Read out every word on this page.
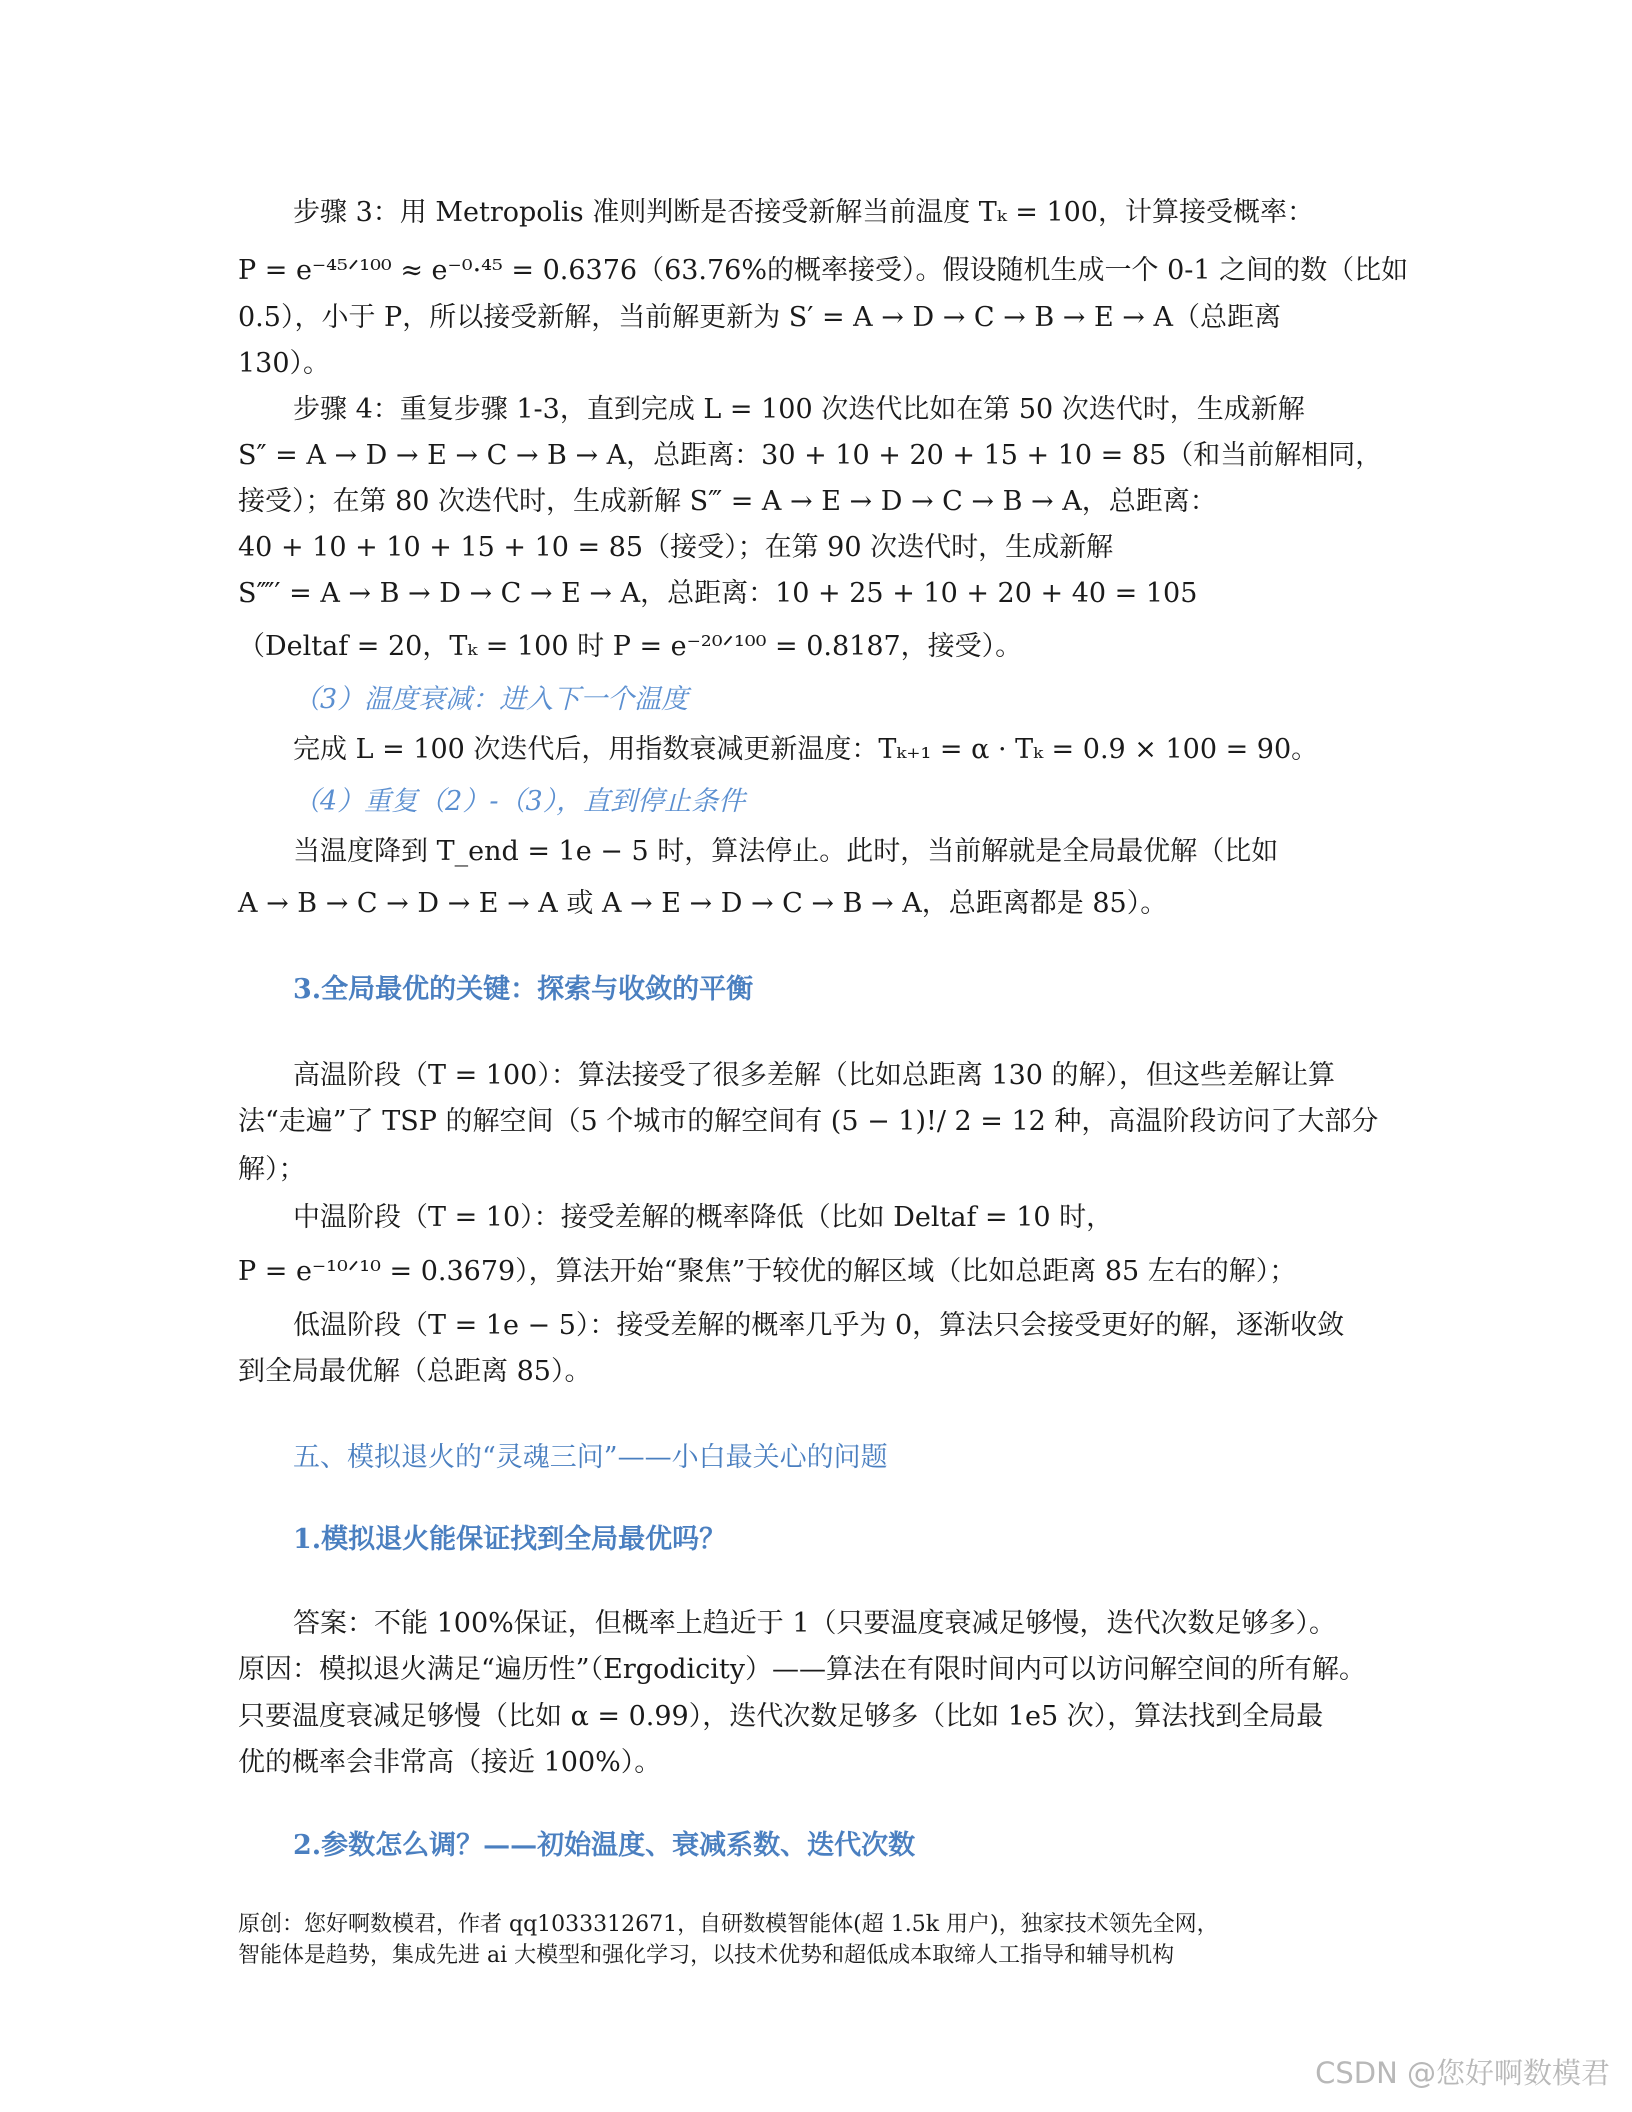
步骤 3：用 Metropolis 准则判断是否接受新解当前温度 Tₖ = 100，计算接受概率：
P = e⁻⁴⁵ᐟ¹⁰⁰ ≈ e⁻⁰·⁴⁵ = 0.6376（63.76%的概率接受）。假设随机生成一个 0-1 之间的数（比如
0.5），小于 P，所以接受新解，当前解更新为 S′ = A → D → C → B → E → A（总距离
130）。
步骤 4：重复步骤 1-3，直到完成 L = 100 次迭代比如在第 50 次迭代时，生成新解
S″ = A → D → E → C → B → A，总距离：30 + 10 + 20 + 15 + 10 = 85（和当前解相同，
接受）；在第 80 次迭代时，生成新解 S‴ = A → E → D → C → B → A，总距离：
40 + 10 + 10 + 15 + 10 = 85（接受）；在第 90 次迭代时，生成新解
S⁗′ = A → B → D → C → E → A，总距离：10 + 25 + 10 + 20 + 40 = 105
（Deltaf = 20，Tₖ = 100 时 P = e⁻²⁰ᐟ¹⁰⁰ = 0.8187，接受）。
（3）温度衰减：进入下一个温度
完成 L = 100 次迭代后，用指数衰减更新温度：Tₖ₊₁ = α · Tₖ = 0.9 × 100 = 90。
（4）重复（2）-（3），直到停止条件
当温度降到 T_end = 1e − 5 时，算法停止。此时，当前解就是全局最优解（比如
A → B → C → D → E → A 或 A → E → D → C → B → A，总距离都是 85）。
3.全局最优的关键：探索与收敛的平衡
高温阶段（T = 100）：算法接受了很多差解（比如总距离 130 的解），但这些差解让算
法“走遍”了 TSP 的解空间（5 个城市的解空间有 (5 − 1)!/ 2 = 12 种，高温阶段访问了大部分
解）；
中温阶段（T = 10）：接受差解的概率降低（比如 Deltaf = 10 时，
P = e⁻¹⁰ᐟ¹⁰ = 0.3679），算法开始“聚焦”于较优的解区域（比如总距离 85 左右的解）；
低温阶段（T = 1e − 5）：接受差解的概率几乎为 0，算法只会接受更好的解，逐渐收敛
到全局最优解（总距离 85）。
五、模拟退火的“灵魂三问”——小白最关心的问题
1.模拟退火能保证找到全局最优吗？
答案：不能 100%保证，但概率上趋近于 1（只要温度衰减足够慢，迭代次数足够多）。
原因：模拟退火满足“遍历性”（Ergodicity）——算法在有限时间内可以访问解空间的所有解。
只要温度衰减足够慢（比如 α = 0.99），迭代次数足够多（比如 1e5 次），算法找到全局最
优的概率会非常高（接近 100%）。
2.参数怎么调？——初始温度、衰减系数、迭代次数
原创：您好啊数模君，作者 qq1033312671，自研数模智能体(超 1.5k 用户)，独家技术领先全网，
智能体是趋势，集成先进 ai 大模型和强化学习，以技术优势和超低成本取缔人工指导和辅导机构
CSDN @您好啊数模君
